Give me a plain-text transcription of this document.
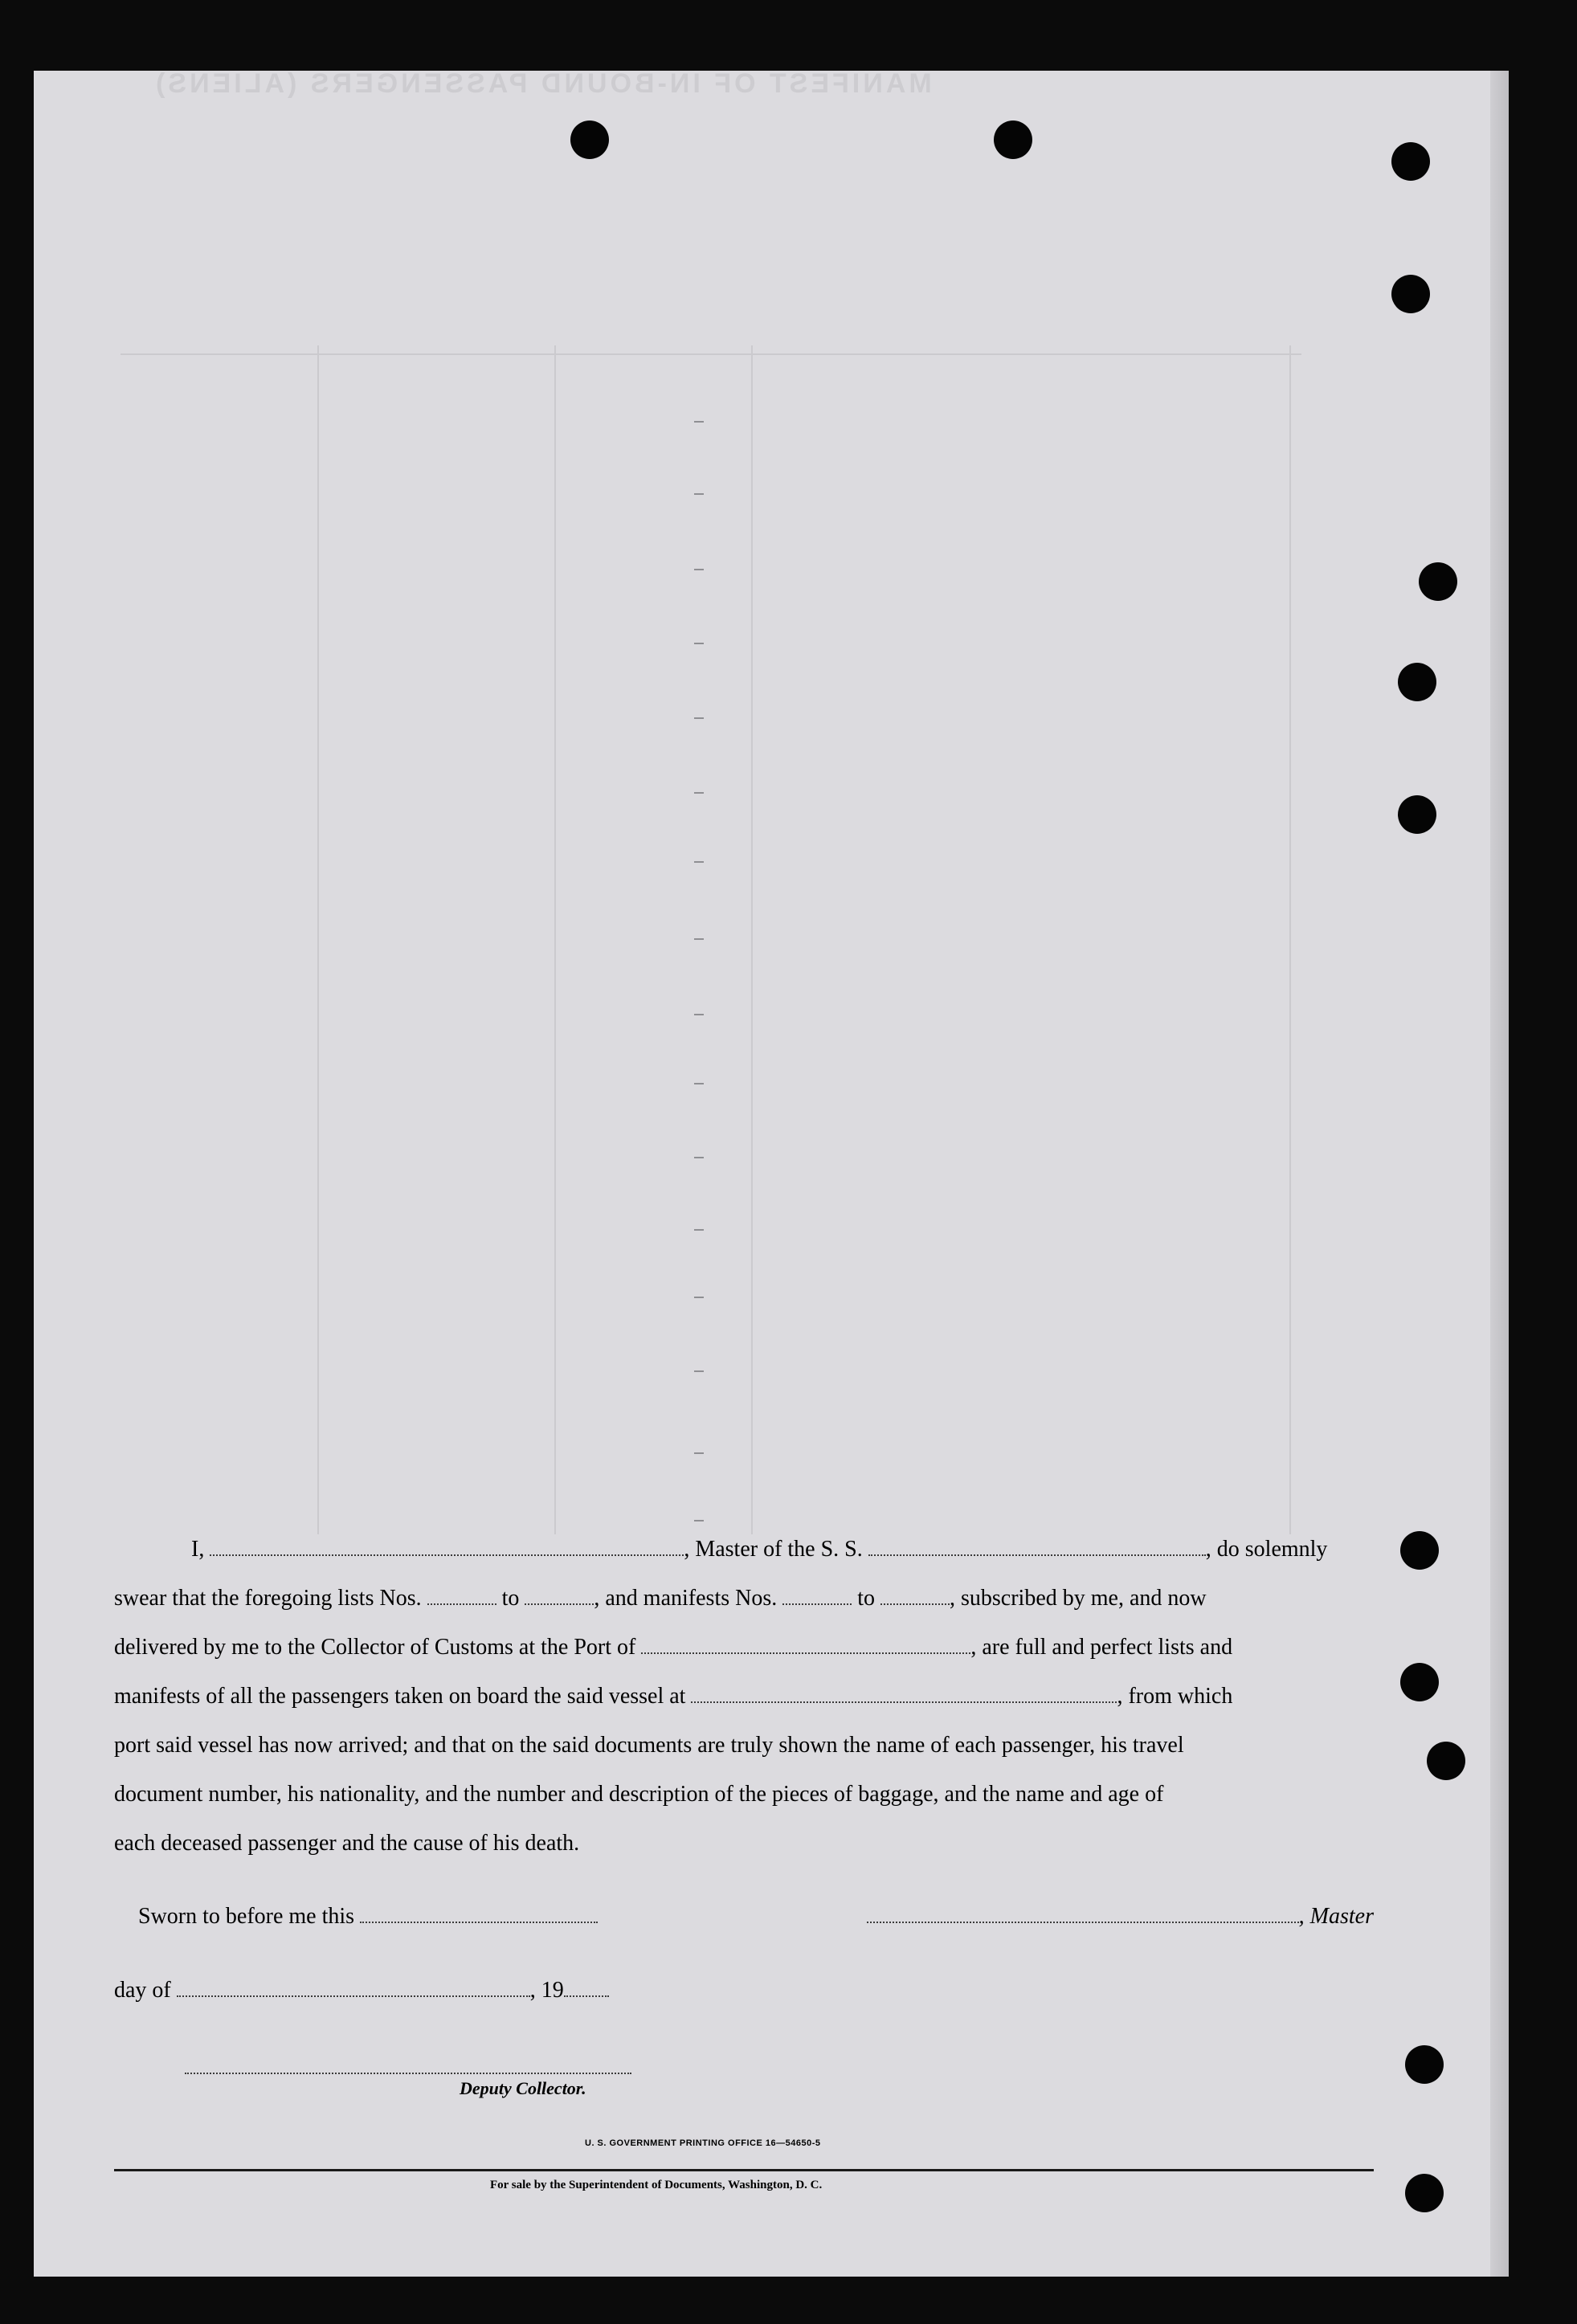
MANIFEST OF IN-BOUND PASSENGERS (ALIENS)

I,	, Master of the S. S.	, do solemnly

swear that the foregoing lists Nos.	to	, and manifests Nos.	to	, subscribed by me, and now

delivered by me to the Collector of Customs at the Port of	, are full and perfect lists and

manifests of all the passengers taken on board the said vessel at	, from which

port said vessel has now arrived; and that on the said documents are truly shown the name of each passenger, his travel

document number, his nationality, and the number and description of the pieces of baggage, and the name and age of

each deceased passenger and the cause of his death.

Sworn to before me this	, Master
day of	, 19
Deputy Collector.
U. S. GOVERNMENT PRINTING OFFICE 16—54650-5
For sale by the Superintendent of Documents, Washington, D. C.
